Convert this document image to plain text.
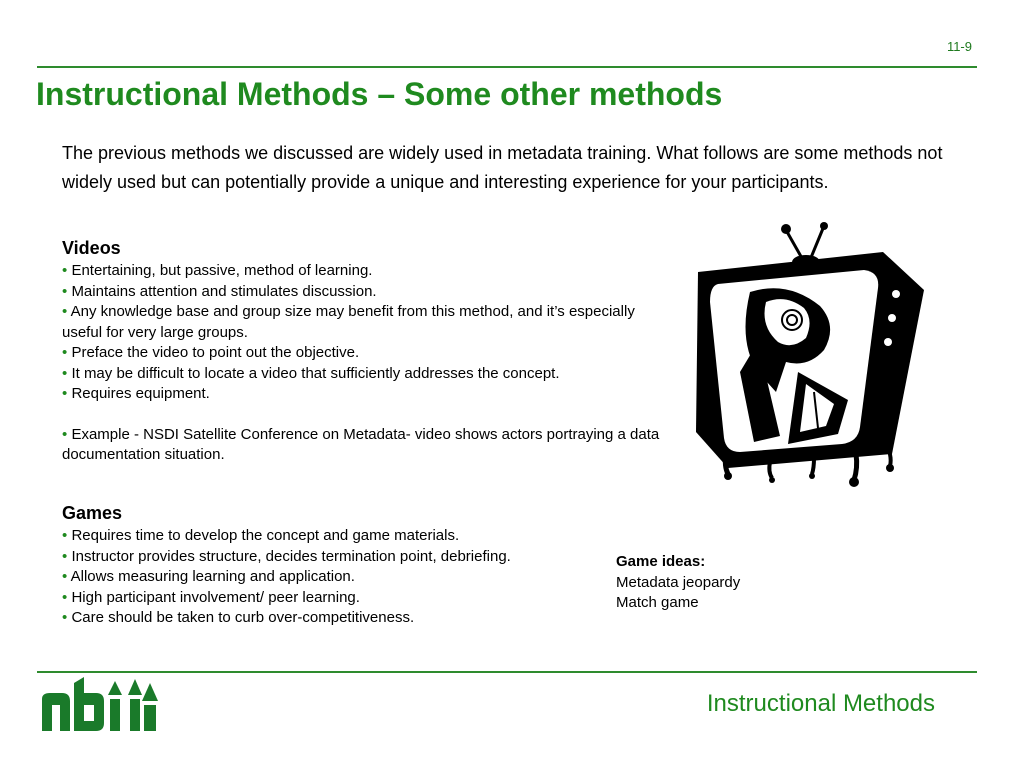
11-9
Instructional Methods – Some other methods

The previous methods we discussed are widely used in metadata training. What follows are some methods not widely used but can potentially provide a unique and interesting experience for your participants.

Videos
• Entertaining, but passive, method of learning.
• Maintains attention and stimulates discussion.
• Any knowledge base and group size may benefit from this method, and it’s especially useful for very large groups.
• Preface the video to point out the objective.
• It may be difficult to locate a video that sufficiently addresses the concept.
• Requires equipment.
• Example - NSDI Satellite Conference on Metadata- video shows actors portraying a data documentation situation.
Games
• Requires time to develop the concept and game materials.
• Instructor provides structure, decides termination point, debriefing.
• Allows measuring learning and application.
• High participant involvement/ peer learning.
• Care should be taken to curb over-competitiveness.
Game ideas:
Metadata jeopardy
Match game
Instructional Methods
